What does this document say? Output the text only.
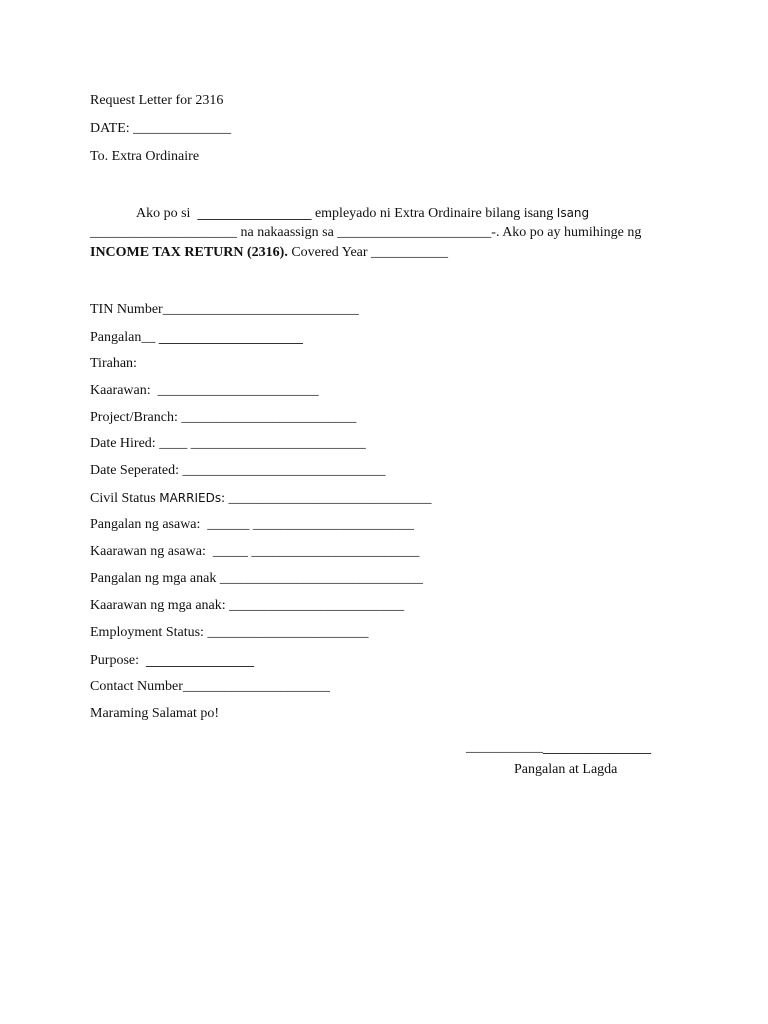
Request Letter for 2316
DATE: ______________
To. Extra Ordinaire
Ako po si  ___________________ empleyado ni Extra Ordinaire bilang isang Isang
_____________________ na nakaassign sa ______________________-. Ako po ay humihinge ng
INCOME TAX RETURN (2316). Covered Year ___________
TIN Number____________________________
Pangalan__ ________________________
Tirahan:
Kaarawan:  _______________________
Project/Branch: _________________________
Date Hired: ____ _________________________
Date Seperated: _____________________________
Civil Status MARRIEDs: _____________________________
Pangalan ng asawa:  ______ _______________________
Kaarawan ng asawa:  _____ ________________________
Pangalan ng mga anak _____________________________
Kaarawan ng mga anak: _________________________
Employment Status: _______________________
Purpose:  __________________
Contact Number_____________________
Maraming Salamat po!
_____________________________
Pangalan at Lagda
